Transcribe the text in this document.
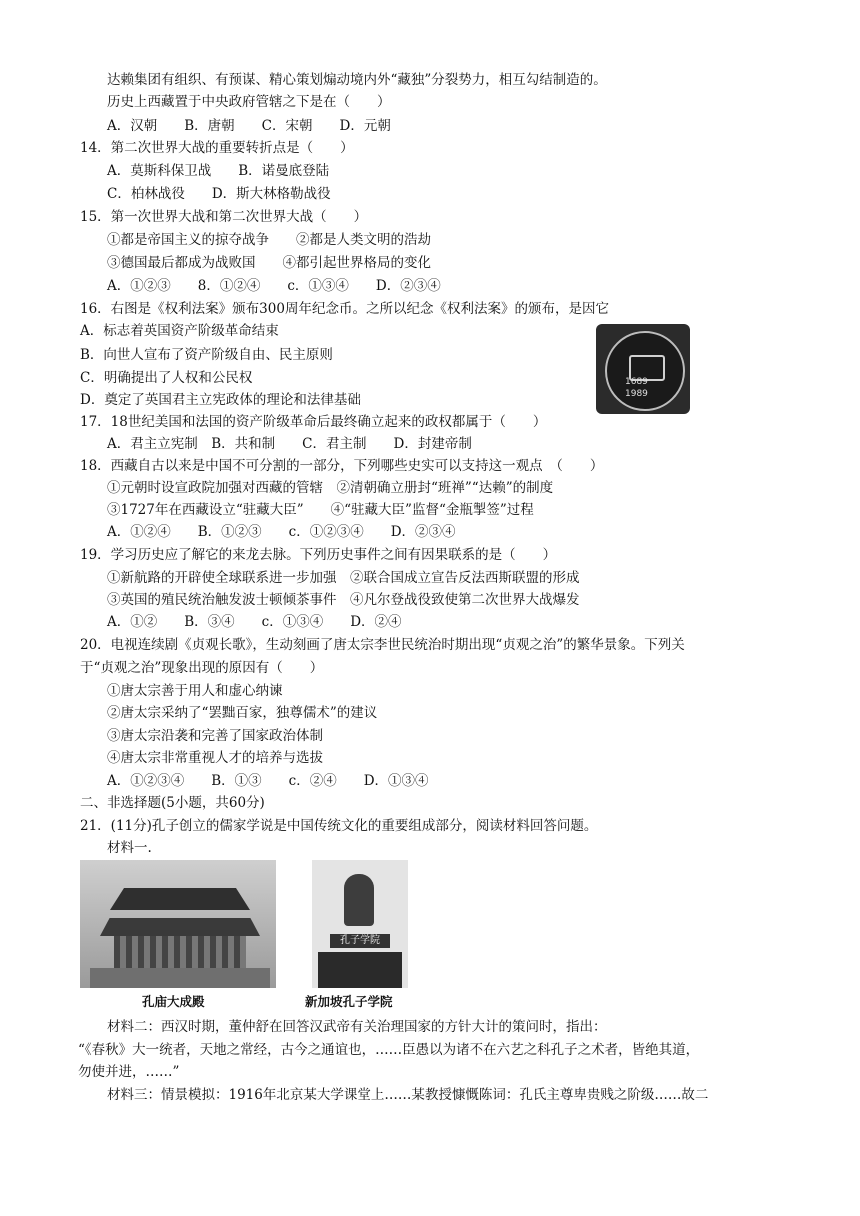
达赖集团有组织、有预谋、精心策划煽动境内外“藏独”分裂势力，相互勾结制造的。
历史上西藏置于中央政府管辖之下是在（　　）
A．汉朝　　B．唐朝　　C．宋朝　　D．元朝
14．第二次世界大战的重要转折点是（　　）
A．莫斯科保卫战　　B．诺曼底登陆
C．柏林战役　　D．斯大林格勒战役
15．第一次世界大战和第二次世界大战（　　）
①都是帝国主义的掠夺战争　　②都是人类文明的浩劫
③德国最后都成为战败国　　④都引起世界格局的变化
A．①②③　　8．①②④　　c．①③④　　D．②③④
16．右图是《权利法案》颁布300周年纪念币。之所以纪念《权利法案》的颁布，是因它
A．标志着英国资产阶级革命结束
B．向世人宣布了资产阶级自由、民主原则
C．明确提出了人权和公民权
D．奠定了英国君主立宪政体的理论和法律基础
17．18世纪美国和法国的资产阶级革命后最终确立起来的政权都属于（　　）
A．君主立宪制　B．共和制　　C．君主制　　D．封建帝制
18．西藏自古以来是中国不可分割的一部分，下列哪些史实可以支持这一观点　（　　）
①元朝时设宣政院加强对西藏的管辖　②清朝确立册封“班禅”“达赖”的制度
③1727年在西藏设立“驻藏大臣”　　④“驻藏大臣”监督“金瓶掣签”过程
A．①②④　　B．①②③　　c．①②③④　　D．②③④
19．学习历史应了解它的来龙去脉。下列历史事件之间有因果联系的是（　　）
①新航路的开辟使全球联系进一步加强　②联合国成立宣告反法西斯联盟的形成
③英国的殖民统治触发波士顿倾茶事件　④凡尔登战役致使第二次世界大战爆发
A．①②　　B．③④　　c．①③④　　D．②④
20．电视连续剧《贞观长歌》，生动刻画了唐太宗李世民统治时期出现“贞观之治”的繁华景象。下列关
于“贞观之治”现象出现的原因有（　　）
①唐太宗善于用人和虚心纳谏
②唐太宗采纳了“罢黜百家，独尊儒术”的建议
③唐太宗沿袭和完善了国家政治体制
④唐太宗非常重视人才的培养与选拔
A．①②③④　　B．①③　　c．②④　　D．①③④
二、非选择题(5小题，共60分)
21．(11分)孔子创立的儒家学说是中国传统文化的重要组成部分，阅读材料回答问题。
材料一.
1689
1989
孔子学院
孔庙大成殿	新加坡孔子学院
材料二：西汉时期，董仲舒在回答汉武帝有关治理国家的方针大计的策问时，指出：
“《春秋》大一统者，天地之常经，古今之通谊也，……臣愚以为诸不在六艺之科孔子之术者，皆绝其道，
勿使并进，……”
材料三：情景模拟：1916年北京某大学课堂上……某教授慷慨陈词：孔氏主尊卑贵贱之阶级……故二
